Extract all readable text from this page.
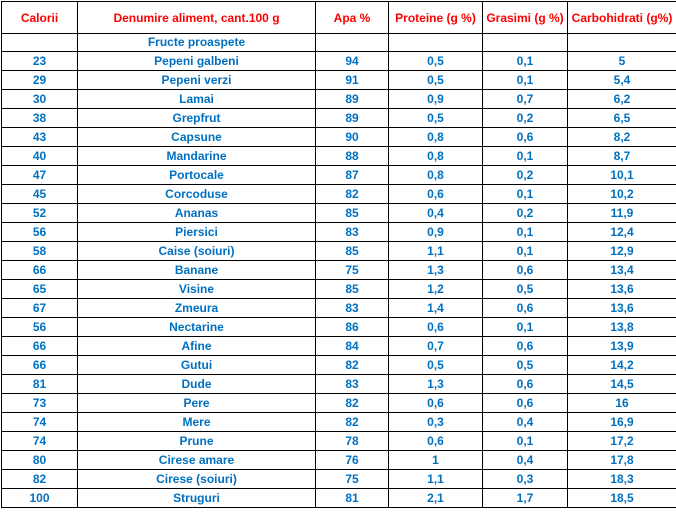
Calorii	Denumire aliment, cant.100 g	Apa %	Proteine (g %)	Grasimi (g %)	Carbohidrati (g%)
	Fructe proaspete				
23	Pepeni galbeni	94	0,5	0,1	5
29	Pepeni verzi	91	0,5	0,1	5,4
30	Lamai	89	0,9	0,7	6,2
38	Grepfrut	89	0,5	0,2	6,5
43	Capsune	90	0,8	0,6	8,2
40	Mandarine	88	0,8	0,1	8,7
47	Portocale	87	0,8	0,2	10,1
45	Corcoduse	82	0,6	0,1	10,2
52	Ananas	85	0,4	0,2	11,9
56	Piersici	83	0,9	0,1	12,4
58	Caise (soiuri)	85	1,1	0,1	12,9
66	Banane	75	1,3	0,6	13,4
65	Visine	85	1,2	0,5	13,6
67	Zmeura	83	1,4	0,6	13,6
56	Nectarine	86	0,6	0,1	13,8
66	Afine	84	0,7	0,6	13,9
66	Gutui	82	0,5	0,5	14,2
81	Dude	83	1,3	0,6	14,5
73	Pere	82	0,6	0,6	16
74	Mere	82	0,3	0,4	16,9
74	Prune	78	0,6	0,1	17,2
80	Cirese amare	76	1	0,4	17,8
82	Cirese (soiuri)	75	1,1	0,3	18,3
100	Struguri	81	2,1	1,7	18,5
